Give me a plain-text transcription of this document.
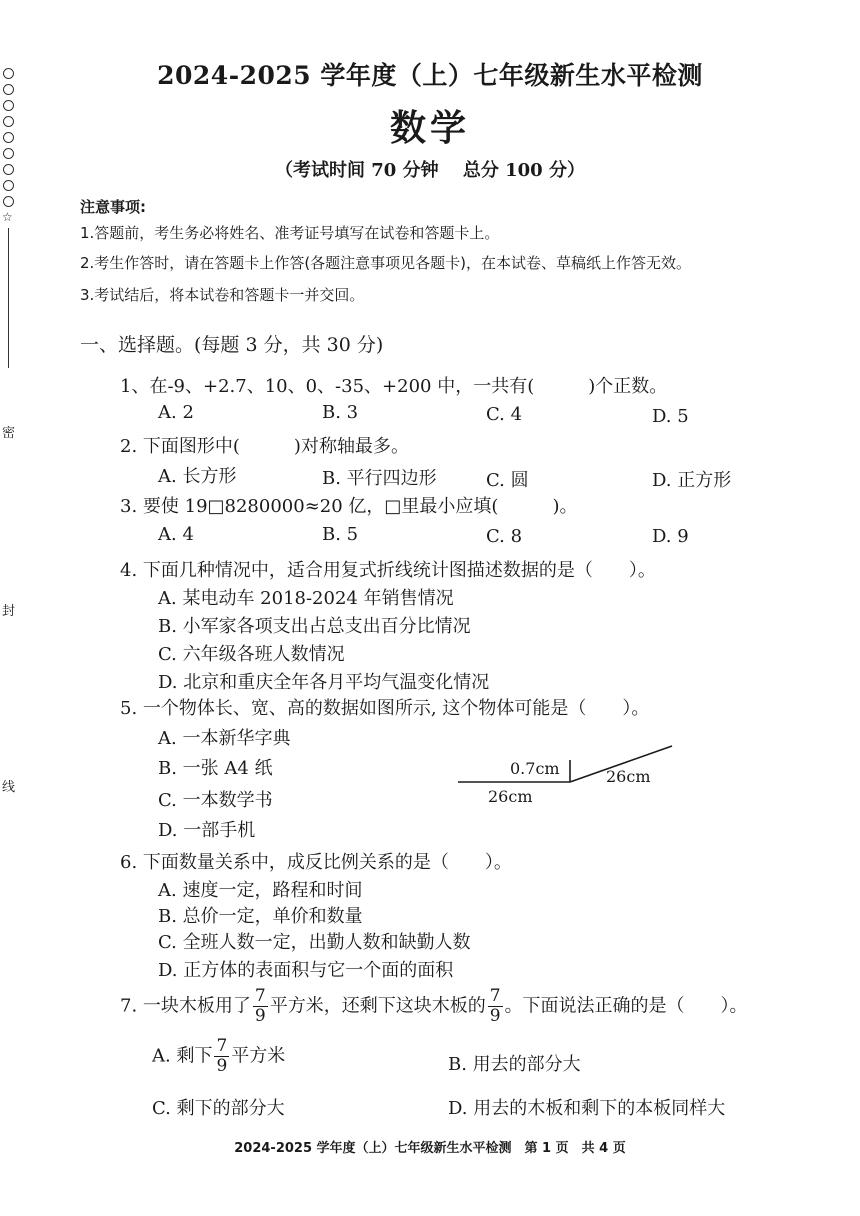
☆
密
封
线
2024-2025 学年度（上）七年级新生水平检测
数学
（考试时间 70 分钟　 总分 100 分）
注意事项:
1.答题前，考生务必将姓名、准考证号填写在试卷和答题卡上。
2.考生作答时，请在答题卡上作答(各题注意事项见各题卡)，在本试卷、草稿纸上作答无效。
3.考试结后，将本试卷和答题卡一并交回。
一、选择题。(每题 3 分，共 30 分)
1、在-9、+2.7、10、0、-35、+200 中，一共有(	)个正数。
A. 2	B. 3	C. 4	D. 5
2. 下面图形中(	)对称轴最多。
A. 长方形	B. 平行四边形	C. 圆	D. 正方形
3. 要使 19□8280000≈20 亿，□里最小应填(	)。
A. 4	B. 5	C. 8	D. 9
4. 下面几种情况中，适合用复式折线统计图描述数据的是（　　）。
A. 某电动车 2018-2024 年销售情况
B. 小军家各项支出占总支出百分比情况
C. 六年级各班人数情况
D. 北京和重庆全年各月平均气温变化情况
5. 一个物体长、宽、高的数据如图所示, 这个物体可能是（　　）。
A. 一本新华字典
B. 一张 A4 纸
C. 一本数学书
D. 一部手机
0.7cm	26cm
26cm
6. 下面数量关系中，成反比例关系的是（　　）。
A. 速度一定，路程和时间
B. 总价一定，单价和数量
C. 全班人数一定，出勤人数和缺勤人数
D. 正方体的表面积与它一个面的面积
7. 一块木板用了 $\frac{7}{9}$ 平方米，还剩下这块木板的 $\frac{7}{9}$ 。下面说法正确的是（　　）。
A. 剩下 $\frac{7}{9}$ 平方米	B. 用去的部分大
C. 剩下的部分大	D. 用去的木板和剩下的本板同样大
2024-2025 学年度（上）七年级新生水平检测　第 1 页　共 4 页
